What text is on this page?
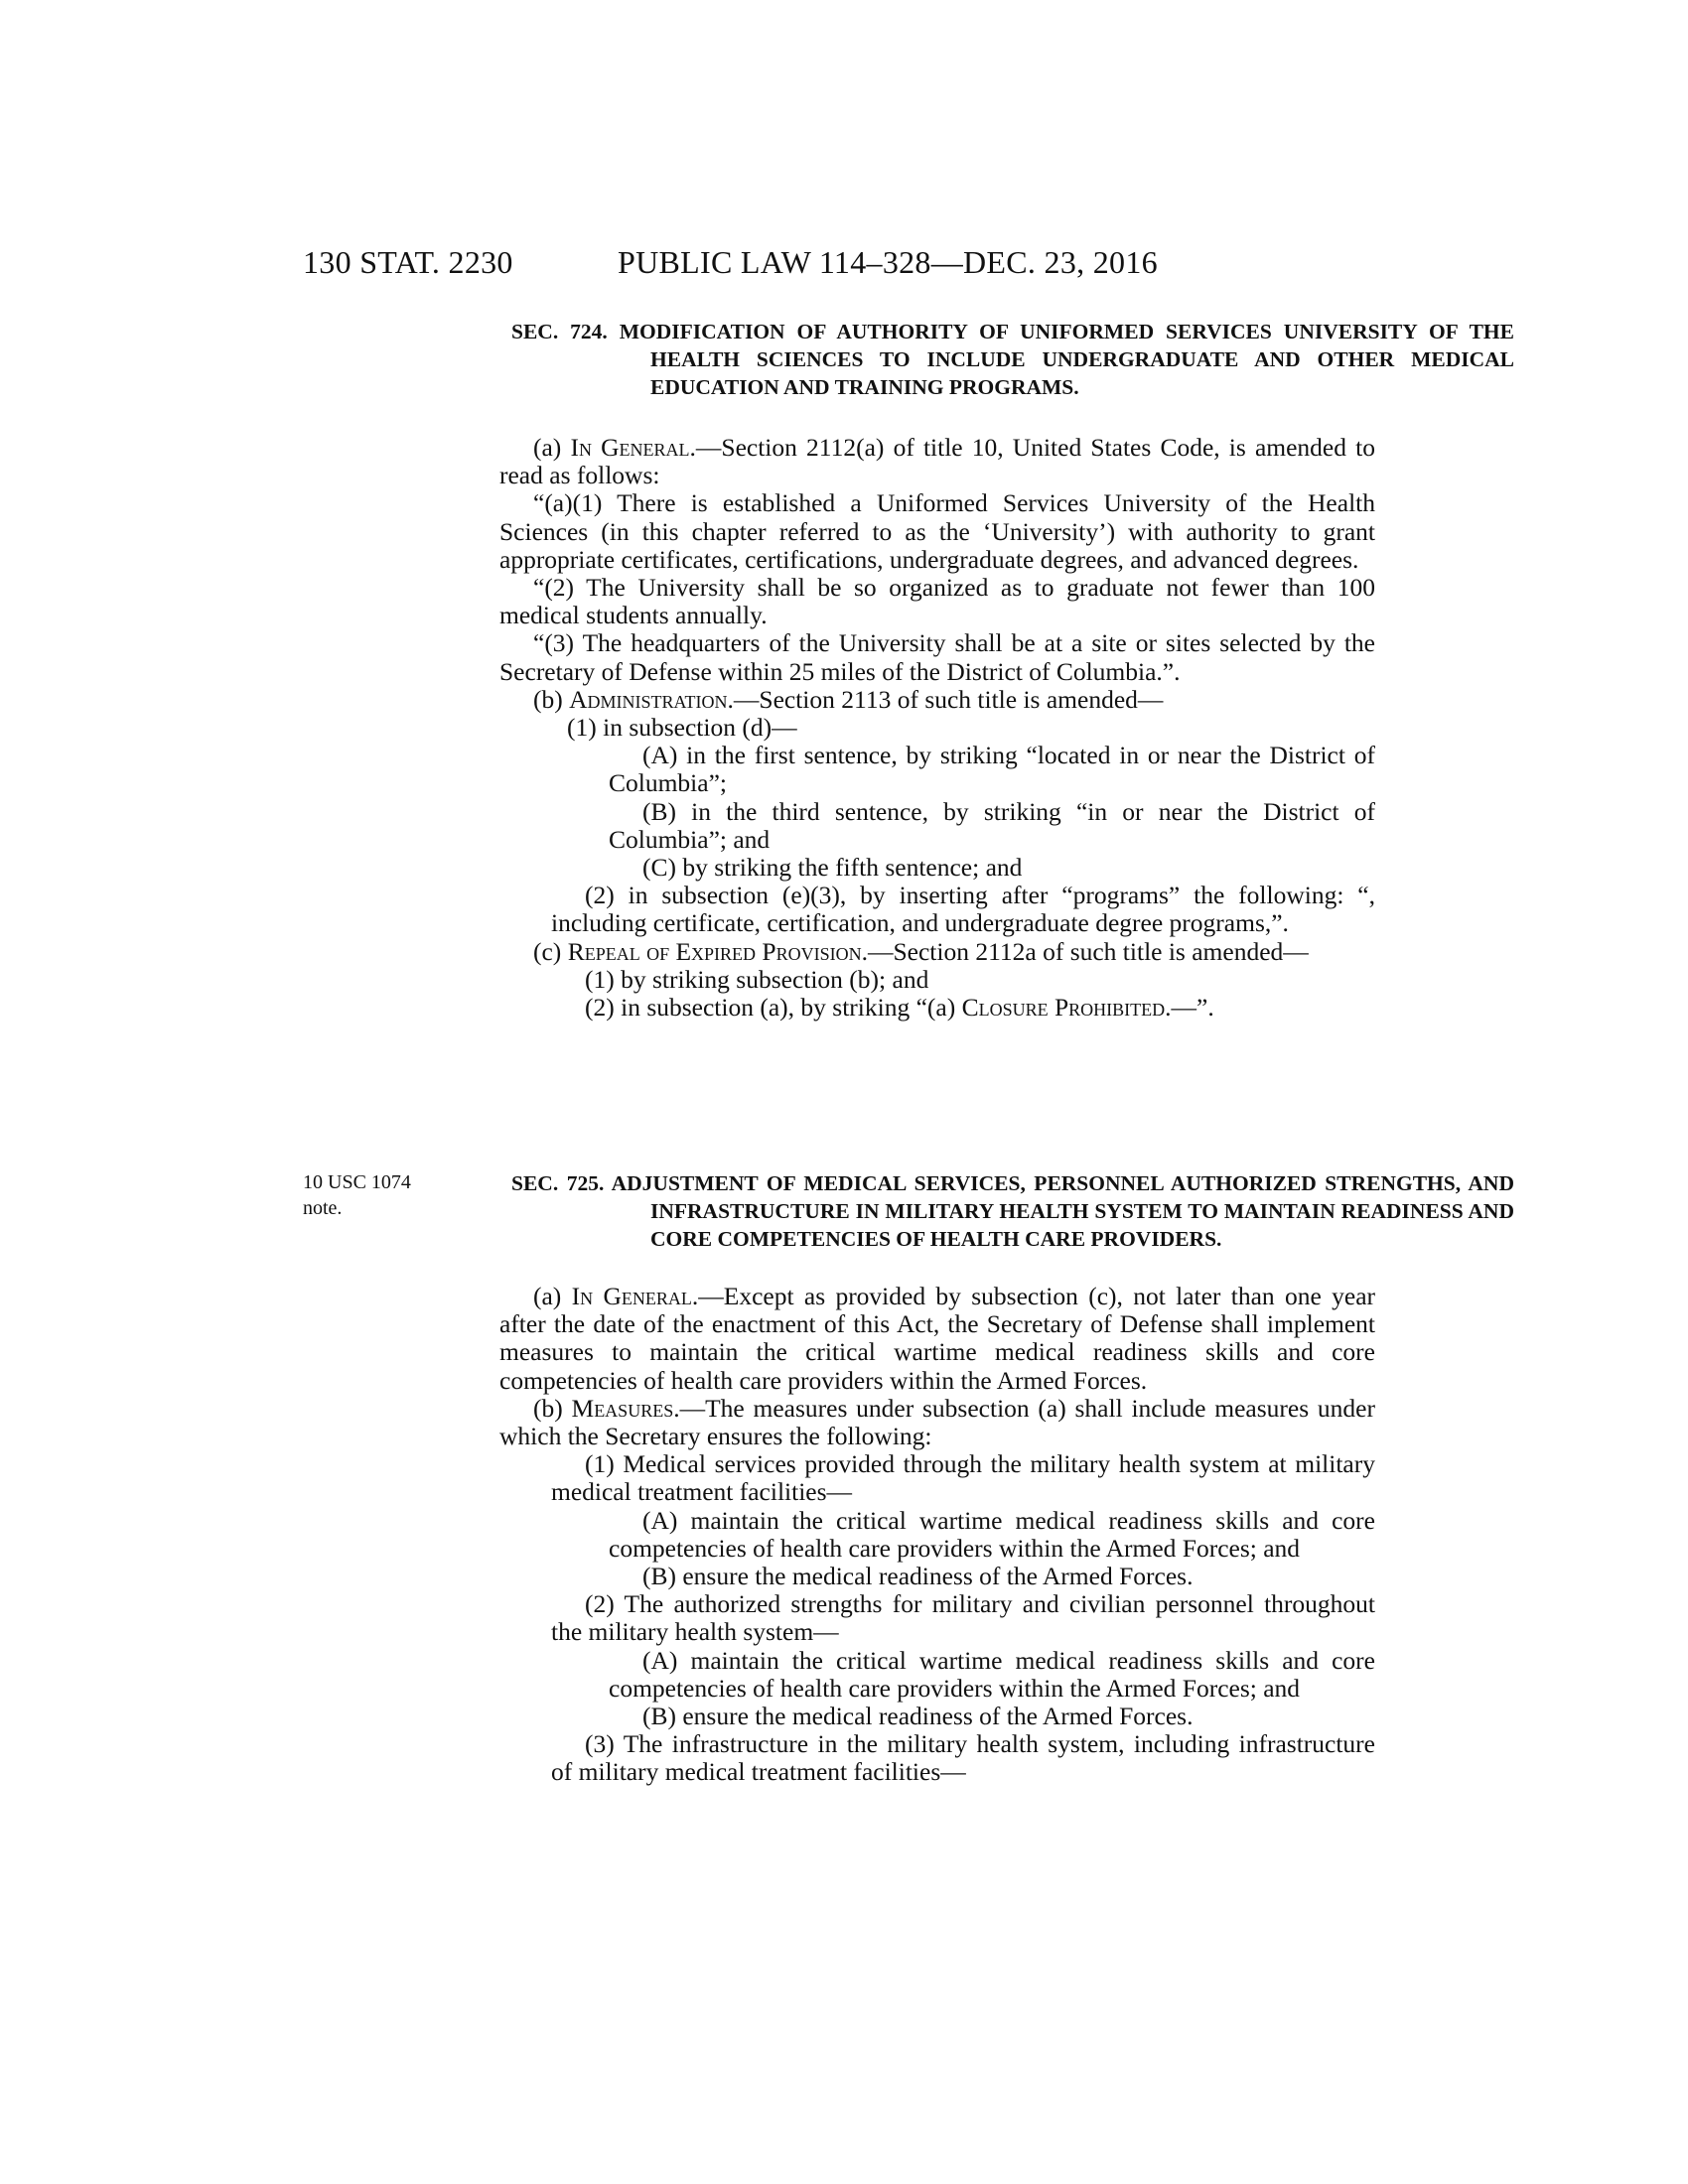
130 STAT. 2230	PUBLIC LAW 114–328—DEC. 23, 2016
10 USC 1074 note.
SEC. 724. MODIFICATION OF AUTHORITY OF UNIFORMED SERVICES UNIVERSITY OF THE HEALTH SCIENCES TO INCLUDE UNDERGRADUATE AND OTHER MEDICAL EDUCATION AND TRAINING PROGRAMS.

(a) In General.—Section 2112(a) of title 10, United States Code, is amended to read as follows:

“(a)(1) There is established a Uniformed Services University of the Health Sciences (in this chapter referred to as the ‘University’) with authority to grant appropriate certificates, certifications, undergraduate degrees, and advanced degrees.

“(2) The University shall be so organized as to graduate not fewer than 100 medical students annually.

“(3) The headquarters of the University shall be at a site or sites selected by the Secretary of Defense within 25 miles of the District of Columbia.”.

(b) Administration.—Section 2113 of such title is amended—

(1) in subsection (d)—

(A) in the first sentence, by striking “located in or near the District of Columbia”;

(B) in the third sentence, by striking “in or near the District of Columbia”; and

(C) by striking the fifth sentence; and

(2) in subsection (e)(3), by inserting after “programs” the following: “, including certificate, certification, and undergraduate degree programs,”.

(c) Repeal of Expired Provision.—Section 2112a of such title is amended—

(1) by striking subsection (b); and

(2) in subsection (a), by striking “(a) Closure Prohibited.—”.

SEC. 725. ADJUSTMENT OF MEDICAL SERVICES, PERSONNEL AUTHORIZED STRENGTHS, AND INFRASTRUCTURE IN MILITARY HEALTH SYSTEM TO MAINTAIN READINESS AND CORE COMPETENCIES OF HEALTH CARE PROVIDERS.

(a) In General.—Except as provided by subsection (c), not later than one year after the date of the enactment of this Act, the Secretary of Defense shall implement measures to maintain the critical wartime medical readiness skills and core competencies of health care providers within the Armed Forces.

(b) Measures.—The measures under subsection (a) shall include measures under which the Secretary ensures the following:

(1) Medical services provided through the military health system at military medical treatment facilities—

(A) maintain the critical wartime medical readiness skills and core competencies of health care providers within the Armed Forces; and

(B) ensure the medical readiness of the Armed Forces.

(2) The authorized strengths for military and civilian personnel throughout the military health system—

(A) maintain the critical wartime medical readiness skills and core competencies of health care providers within the Armed Forces; and

(B) ensure the medical readiness of the Armed Forces.

(3) The infrastructure in the military health system, including infrastructure of military medical treatment facilities—
